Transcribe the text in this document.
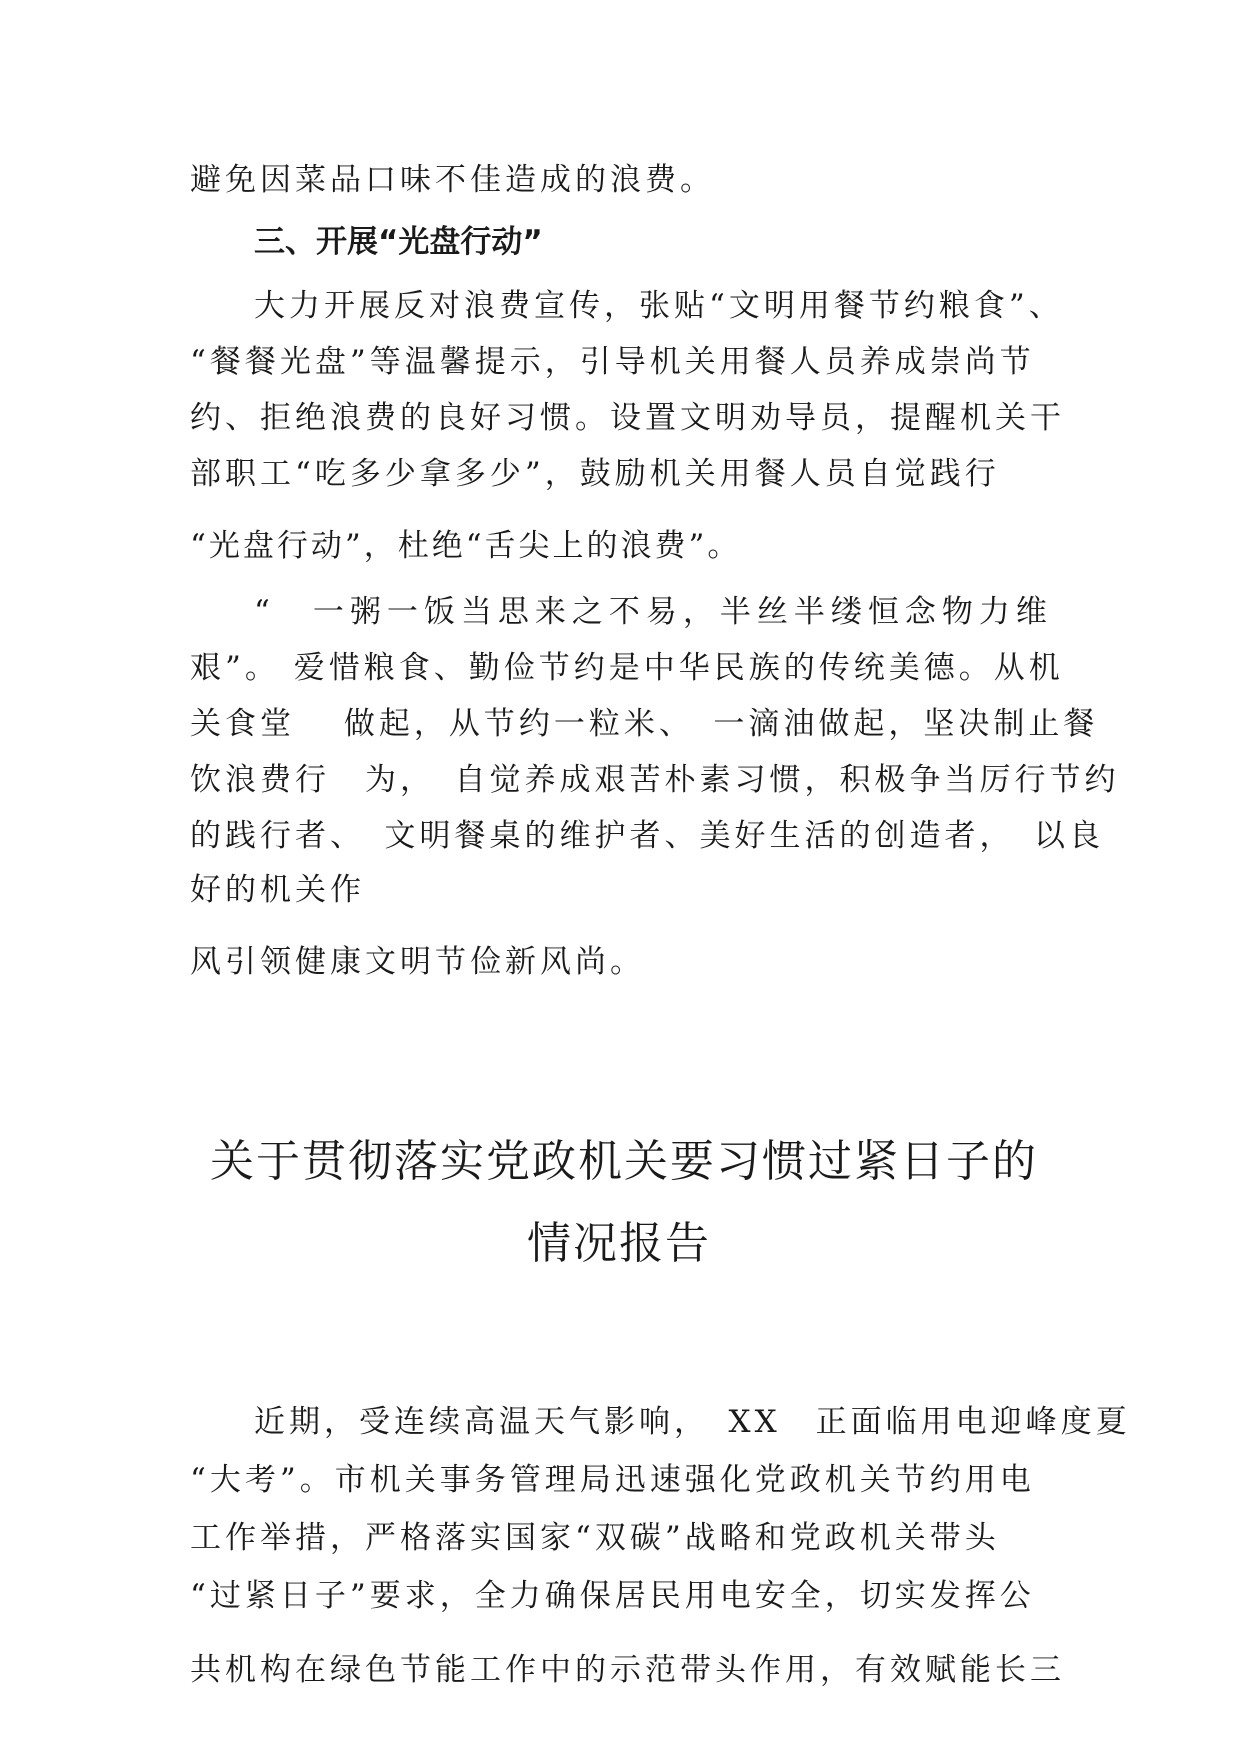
避免因菜品口味不佳造成的浪费。
三、开展“光盘行动”
大力开展反对浪费宣传，张贴“文明用餐节约粮食”、
“餐餐光盘”等温馨提示，引导机关用餐人员养成崇尚节
约、拒绝浪费的良好习惯。设置文明劝导员，提醒机关干
部职工“吃多少拿多少”，鼓励机关用餐人员自觉践行
“光盘行动”，杜绝“舌尖上的浪费”。
“　一粥一饭当思来之不易，半丝半缕恒念物力维
艰”。 爱惜粮食、勤俭节约是中华民族的传统美德。从机
关食堂　 做起，从节约一粒米、　一滴油做起，坚决制止餐
饮浪费行　为，　自觉养成艰苦朴素习惯，积极争当厉行节约
的践行者、　文明餐桌的维护者、美好生活的创造者，　以良
好的机关作
风引领健康文明节俭新风尚。
关于贯彻落实党政机关要习惯过紧日子的
情况报告
近期，受连续高温天气影响，　XX　正面临用电迎峰度夏
“大考”。市机关事务管理局迅速强化党政机关节约用电
工作举措，严格落实国家“双碳”战略和党政机关带头
“过紧日子”要求，全力确保居民用电安全，切实发挥公
共机构在绿色节能工作中的示范带头作用，有效赋能长三
